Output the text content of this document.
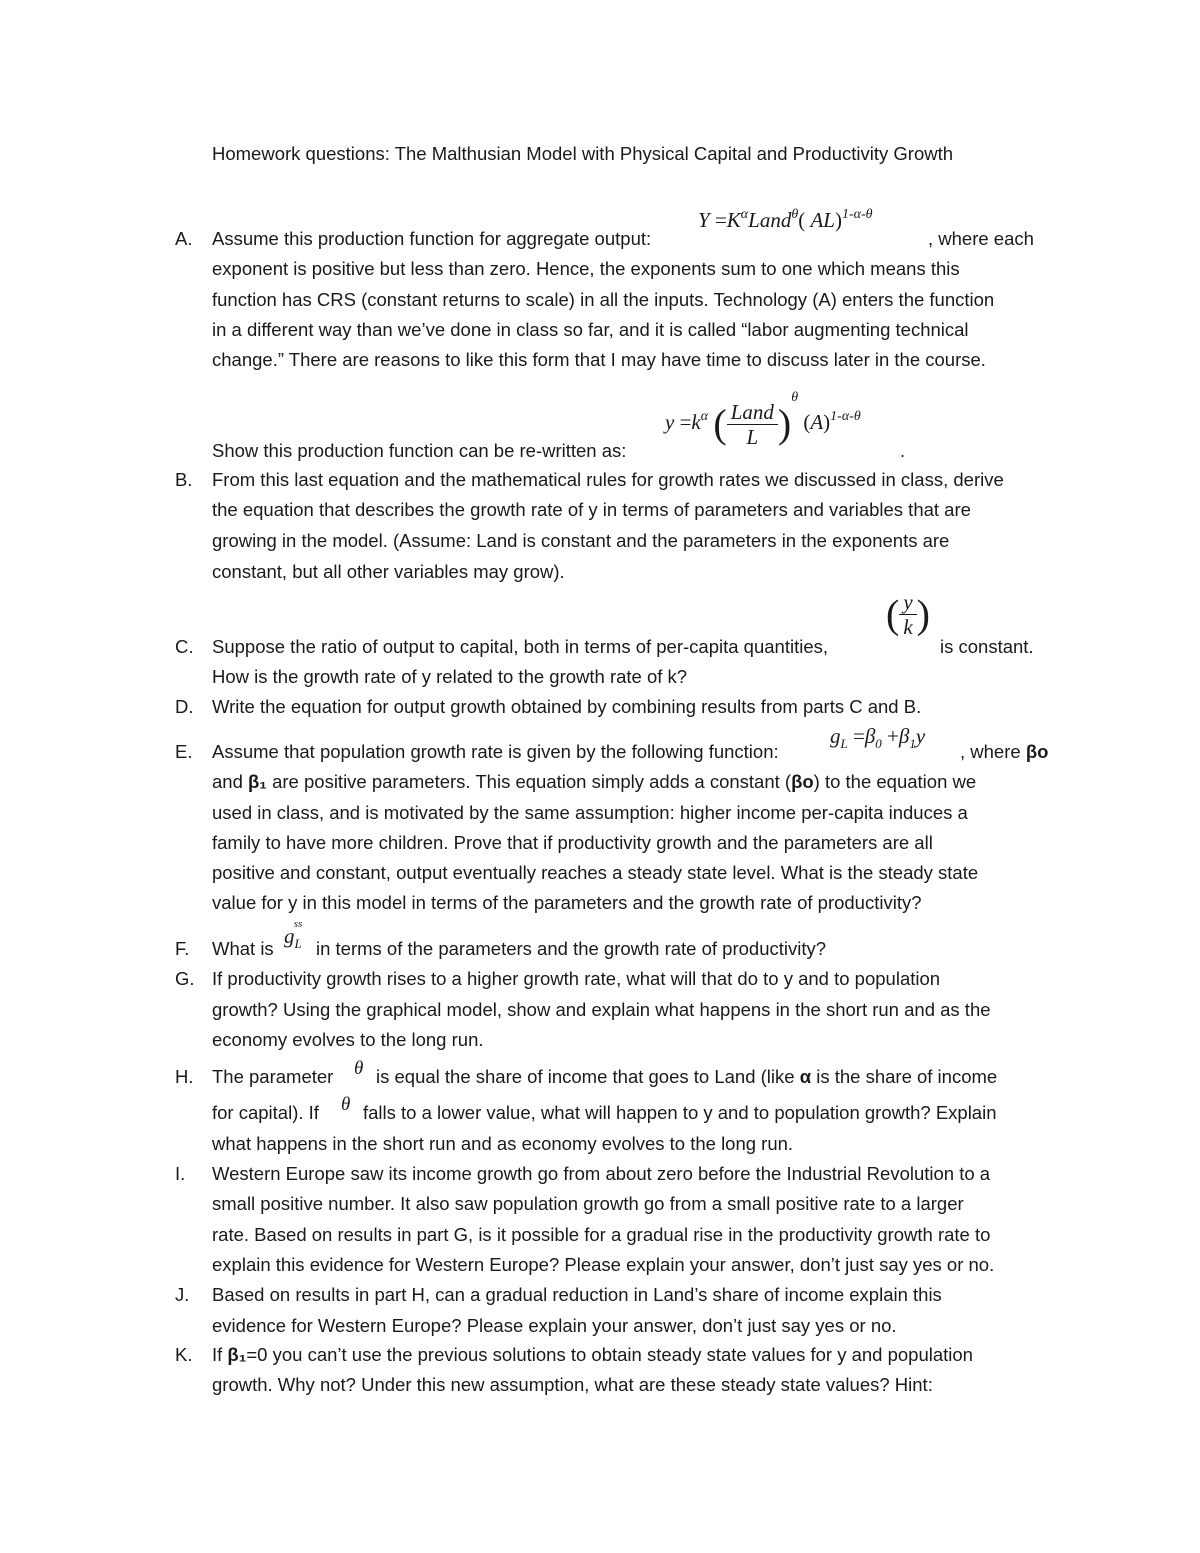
Homework questions: The Malthusian Model with Physical Capital and Productivity Growth
A. Assume this production function for aggregate output:
$Y =K^\alpha Land^\theta$( AL)$^{1-\alpha-\theta}$
, where each
exponent is positive but less than zero. Hence, the exponents sum to one which means this
function has CRS (constant returns to scale) in all the inputs. Technology (A) enters the function
in a different way than we’ve done in class so far, and it is called “labor augmenting technical
change.” There are reasons to like this form that I may have time to discuss later in the course.
$y =k^\alpha$ ( $\frac{\text{Land}}{L} )^\theta$ $(A)^{1-\alpha-\theta}$
Show this production function can be re-written as:	.
B. From this last equation and the mathematical rules for growth rates we discussed in class, derive
the equation that describes the growth rate of y in terms of parameters and variables that are
growing in the model. (Assume: Land is constant and the parameters in the exponents are
constant, but all other variables may grow).
C. Suppose the ratio of output to capital, both in terms of per-capita quantities,
( $\frac{y}{k}$ )
is constant.
How is the growth rate of y related to the growth rate of k?
D. Write the equation for output growth obtained by combining results from parts C and B.
E. Assume that population growth rate is given by the following function:
$g_L =\beta_0 +\beta_1y$
, where βo
and β₁ are positive parameters. This equation simply adds a constant (βo) to the equation we
used in class, and is motivated by the same assumption: higher income per-capita induces a
family to have more children. Prove that if productivity growth and the parameters are all
positive and constant, output eventually reaches a steady state level. What is the steady state
value for y in this model in terms of the parameters and the growth rate of productivity?
F. What is
$g_L^{ss}$
in terms of the parameters and the growth rate of productivity?
G. If productivity growth rises to a higher growth rate, what will that do to y and to population
growth? Using the graphical model, show and explain what happens in the short run and as the
economy evolves to the long run.
H. The parameter θ is equal the share of income that goes to Land (like α is the share of income
for capital). If θ falls to a lower value, what will happen to y and to population growth? Explain
what happens in the short run and as economy evolves to the long run.
I. Western Europe saw its income growth go from about zero before the Industrial Revolution to a
small positive number. It also saw population growth go from a small positive rate to a larger
rate. Based on results in part G, is it possible for a gradual rise in the productivity growth rate to
explain this evidence for Western Europe? Please explain your answer, don’t just say yes or no.
J. Based on results in part H, can a gradual reduction in Land’s share of income explain this
evidence for Western Europe? Please explain your answer, don’t just say yes or no.
K. If β₁=0 you can’t use the previous solutions to obtain steady state values for y and population
growth. Why not? Under this new assumption, what are these steady state values? Hint:
